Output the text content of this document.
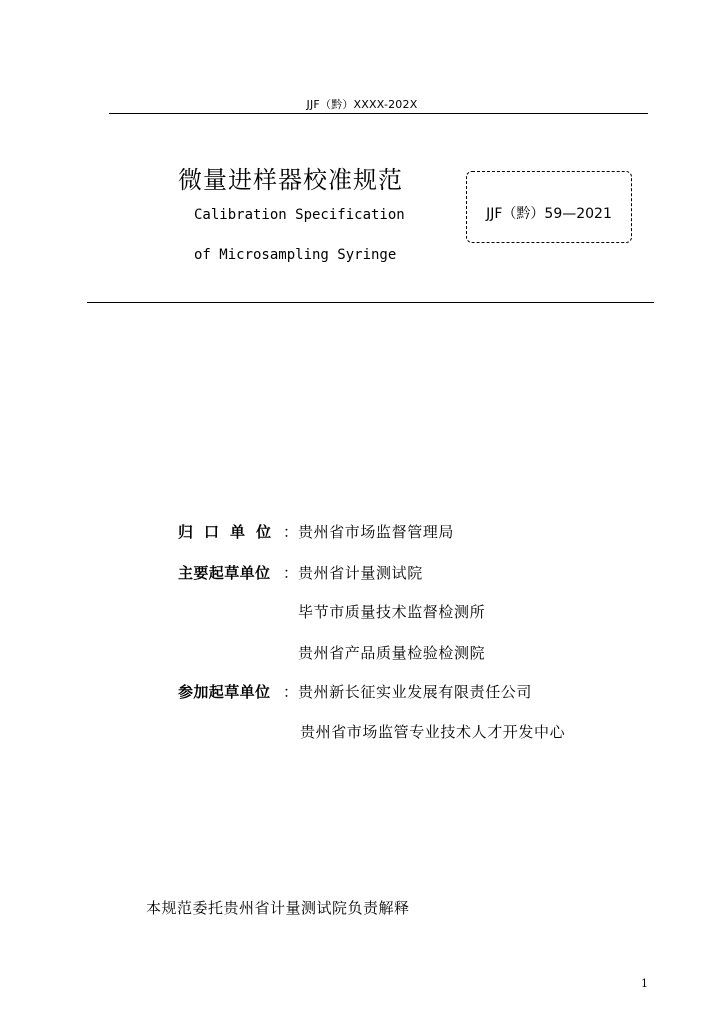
JJF（黔）XXXX-202X
微量进样器校准规范
Calibration Specification
of Microsampling Syringe
JJF（黔）59—2021
归口单位 ： 贵州省市场监督管理局
主要起草单位 ： 贵州省计量测试院
毕节市质量技术监督检测所
贵州省产品质量检验检测院
参加起草单位 ： 贵州新长征实业发展有限责任公司
贵州省市场监管专业技术人才开发中心
本规范委托贵州省计量测试院负责解释
1
